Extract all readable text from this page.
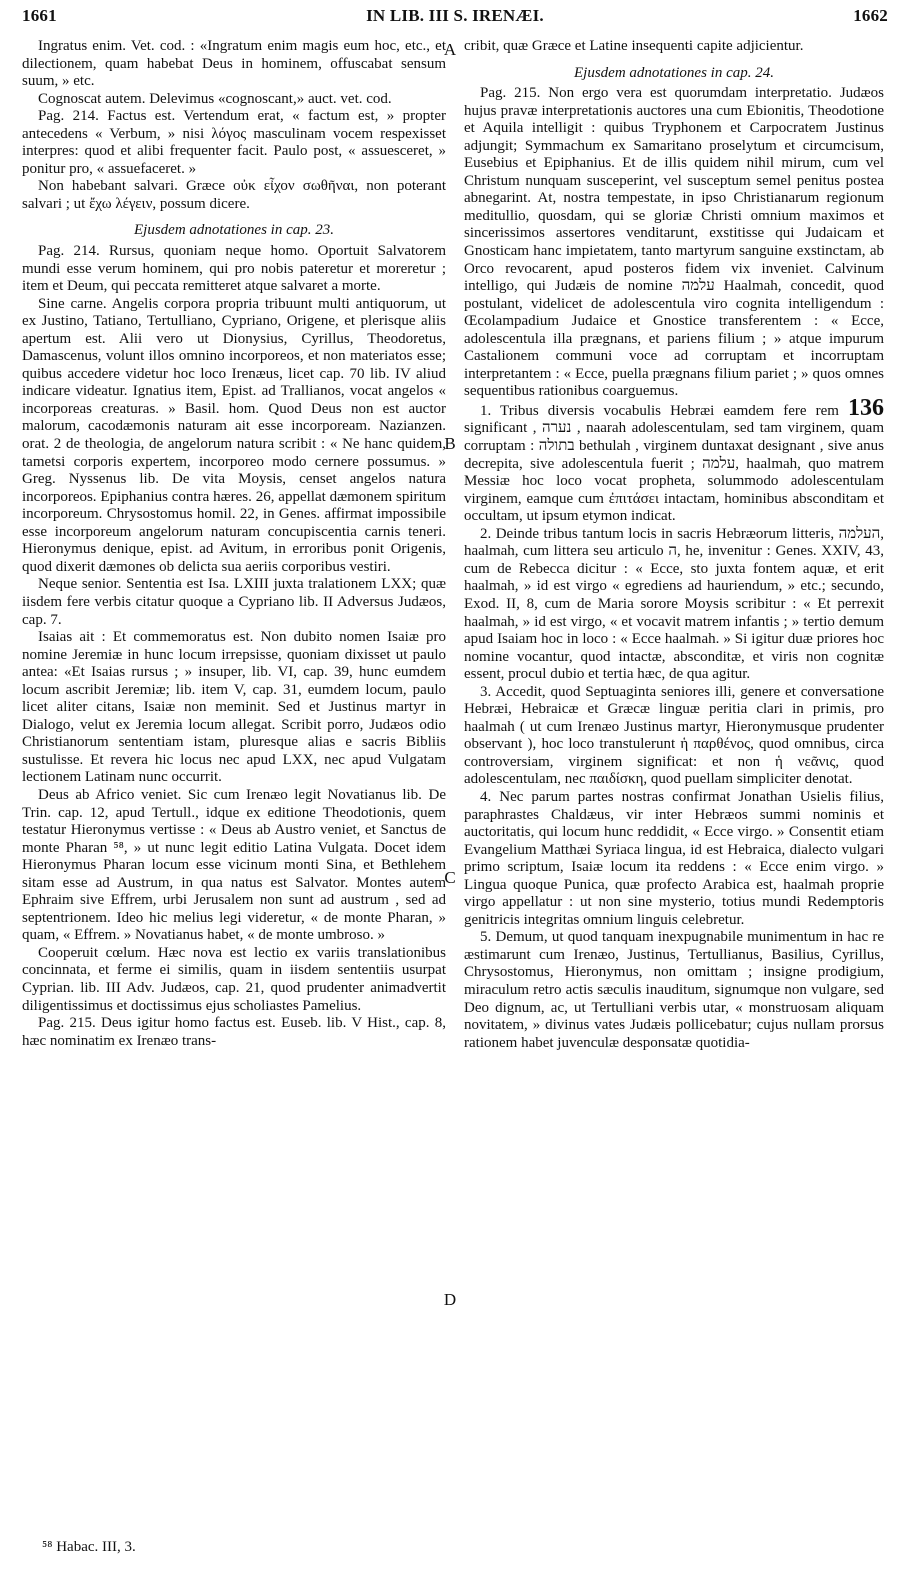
1661	IN LIB. III S. IRENÆI.	1662
A
B
C
D

Ingratus enim. Vet. cod. : «Ingratum enim magis eum hoc, etc., et dilectionem, quam habebat Deus in hominem, offuscabat sensum suum, » etc.

Cognoscat autem. Delevimus «cognoscant,» auct. vet. cod.

Pag. 214. Factus est. Vertendum erat, « factum est, » propter antecedens « Verbum, » nisi λόγος masculinam vocem respexisset interpres: quod et alibi frequenter facit. Paulo post, « assuesceret, » ponitur pro, « assuefaceret. »

Non habebant salvari. Græce οὐκ εἶχον σωθῆναι, non poterant salvari ; ut ἔχω λέγειν, possum dicere.

Ejusdem adnotationes in cap. 23.

Pag. 214. Rursus, quoniam neque homo. Oportuit Salvatorem mundi esse verum hominem, qui pro nobis pateretur et moreretur ; item et Deum, qui peccata remitteret atque salvaret a morte.

Sine carne. Angelis corpora propria tribuunt multi antiquorum, ut ex Justino, Tatiano, Tertulliano, Cypriano, Origene, et plerisque aliis apertum est. Alii vero ut Dionysius, Cyrillus, Theodoretus, Damascenus, volunt illos omnino incorporeos, et non materiatos esse; quibus accedere videtur hoc loco Irenæus, licet cap. 70 lib. IV aliud indicare videatur. Ignatius item, Epist. ad Trallianos, vocat angelos « incorporeas creaturas. » Basil. hom. Quod Deus non est auctor malorum, cacodæmonis naturam ait esse incorpoream. Nazianzen. orat. 2 de theologia, de angelorum natura scribit : « Ne hanc quidem, tametsi corporis expertem, incorporeo modo cernere possumus. » Greg. Nyssenus lib. De vita Moysis, censet angelos natura incorporeos. Epiphanius contra hæres. 26, appellat dæmonem spiritum incorporeum. Chrysostomus homil. 22, in Genes. affirmat impossibile esse incorporeum angelorum naturam concupiscentia carnis teneri. Hieronymus denique, epist. ad Avitum, in erroribus ponit Origenis, quod dixerit dæmones ob delicta sua aeriis corporibus vestiri.

Neque senior. Sententia est Isa. LXIII juxta tralationem LXX; quæ iisdem fere verbis citatur quoque a Cypriano lib. II Adversus Judæos, cap. 7.

Isaias ait : Et commemoratus est. Non dubito nomen Isaiæ pro nomine Jeremiæ in hunc locum irrepsisse, quoniam dixisset ut paulo antea: «Et Isaias rursus ; » insuper, lib. VI, cap. 39, hunc eumdem locum ascribit Jeremiæ; lib. item V, cap. 31, eumdem locum, paulo licet aliter citans, Isaiæ non meminit. Sed et Justinus martyr in Dialogo, velut ex Jeremia locum allegat. Scribit porro, Judæos odio Christianorum sententiam istam, pluresque alias e sacris Bibliis sustulisse. Et revera hic locus nec apud LXX, nec apud Vulgatam lectionem Latinam nunc occurrit.

Deus ab Africo veniet. Sic cum Irenæo legit Novatianus lib. De Trin. cap. 12, apud Tertull., idque ex editione Theodotionis, quem testatur Hieronymus vertisse : « Deus ab Austro veniet, et Sanctus de monte Pharan ⁵⁸, » ut nunc legit editio Latina Vulgata. Docet idem Hieronymus Pharan locum esse vicinum monti Sina, et Bethlehem sitam esse ad Austrum, in qua natus est Salvator. Montes autem Ephraim sive Effrem, urbi Jerusalem non sunt ad austrum , sed ad septentrionem. Ideo hic melius legi videretur, « de monte Pharan, » quam, « Effrem. » Novatianus habet, « de monte umbroso. »

Cooperuit cœlum. Hæc nova est lectio ex variis translationibus concinnata, et ferme ei similis, quam in iisdem sententiis usurpat Cyprian. lib. III Adv. Judæos, cap. 21, quod prudenter animadvertit diligentissimus et doctissimus ejus scholiastes Pamelius.

Pag. 215. Deus igitur homo factus est. Euseb. lib. V Hist., cap. 8, hæc nominatim ex Irenæo trans-

cribit, quæ Græce et Latine insequenti capite adjicientur.

Ejusdem adnotationes in cap. 24.

Pag. 215. Non ergo vera est quorumdam interpretatio. Judæos hujus pravæ interpretationis auctores una cum Ebionitis, Theodotione et Aquila intelligit : quibus Tryphonem et Carpocratem Justinus adjungit; Symmachum ex Samaritano proselytum et circumcisum, Eusebius et Epiphanius. Et de illis quidem nihil mirum, cum vel Christum nunquam susceperint, vel susceptum semel penitus postea abnegarint. At, nostra tempestate, in ipso Christianarum regionum meditullio, quosdam, qui se gloriæ Christi omnium maximos et sincerissimos assertores venditarunt, exstitisse qui Judaicam et Gnosticam hanc impietatem, tanto martyrum sanguine exstinctam, ab Orco revocarent, apud posteros fidem vix inveniet. Calvinum intelligo, qui Judæis de nomine עלמה Haalmah, concedit, quod postulant, videlicet de adolescentula viro cognita intelligendum : Œcolampadium Judaice et Gnostice transferentem : « Ecce, adolescentula illa prægnans, et pariens filium ; » atque impurum Castalionem communi voce ad corruptam et incorruptam interpretantem : « Ecce, puella prægnans filium pariet ; » quos omnes sequentibus rationibus coarguemus.

1. Tribus diversis vocabulis Hebræi eamdem fere rem 136 significant , נערה , naarah adolescentulam, sed tam virginem, quam corruptam : בתולה bethulah , virginem duntaxat designant , sive anus decrepita, sive adolescentula fuerit ; עלמה, haalmah, quo matrem Messiæ hoc loco vocat propheta, solummodo adolescentulam virginem, eamque cum ἐπιτάσει intactam, hominibus absconditam et occultam, ut ipsum etymon indicat.

2. Deinde tribus tantum locis in sacris Hebræorum litteris, העלמה, haalmah, cum littera seu articulo ה, he, invenitur : Genes. XXIV, 43, cum de Rebecca dicitur : « Ecce, sto juxta fontem aquæ, et erit haalmah, » id est virgo « egrediens ad hauriendum, » etc.; secundo, Exod. II, 8, cum de Maria sorore Moysis scribitur : « Et perrexit haalmah, » id est virgo, « et vocavit matrem infantis ; » tertio demum apud Isaiam hoc in loco : « Ecce haalmah. » Si igitur duæ priores hoc nomine vocantur, quod intactæ, absconditæ, et viris non cognitæ essent, procul dubio et tertia hæc, de qua agitur.

3. Accedit, quod Septuaginta seniores illi, genere et conversatione Hebræi, Hebraicæ et Græcæ linguæ peritia clari in primis, pro haalmah ( ut cum Irenæo Justinus martyr, Hieronymusque prudenter observant ), hoc loco transtulerunt ἡ παρθένος, quod omnibus, circa controversiam, virginem significat: et non ἡ νεᾶνις, quod adolescentulam, nec παιδίσκη, quod puellam simpliciter denotat.

4. Nec parum partes nostras confirmat Jonathan Usielis filius, paraphrastes Chaldæus, vir inter Hebræos summi nominis et auctoritatis, qui locum hunc reddidit, « Ecce virgo. » Consentit etiam Evangelium Matthæi Syriaca lingua, id est Hebraica, dialecto vulgari primo scriptum, Isaiæ locum ita reddens : « Ecce enim virgo. » Lingua quoque Punica, quæ profecto Arabica est, haalmah proprie virgo appellatur : ut non sine mysterio, totius mundi Redemptoris genitricis integritas omnium linguis celebretur.

5. Demum, ut quod tanquam inexpugnabile munimentum in hac re æstimarunt cum Irenæo, Justinus, Tertullianus, Basilius, Cyrillus, Chrysostomus, Hieronymus, non omittam ; insigne prodigium, miraculum retro actis sæculis inauditum, signumque non vulgare, sed Deo dignum, ac, ut Tertulliani verbis utar, « monstruosam aliquam novitatem, » divinus vates Judæis pollicebatur; cujus nullam prorsus rationem habet juvenculæ desponsatæ quotidia-

⁵⁸ Habac. III, 3.
